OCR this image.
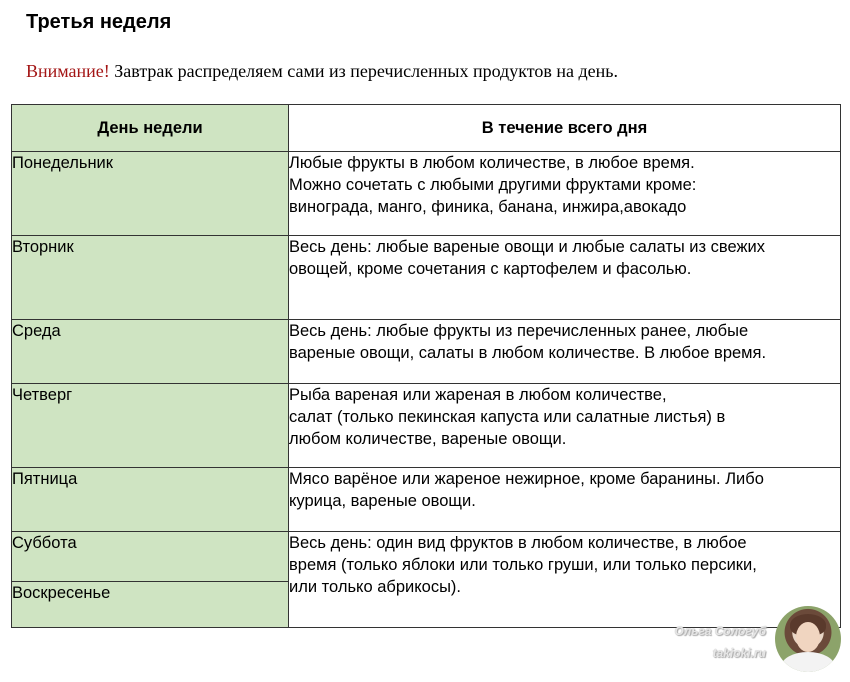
Третья неделя
Внимание! Завтрак распределяем сами из перечисленных продуктов на день.
День недели	В течение всего дня
Понедельник	Любые фрукты в любом количестве, в любое время.
Можно сочетать с любыми другими фруктами кроме:
винограда, манго, финика, банана, инжира,авокадо

Вторник	Весь день: любые вареные овощи и любые салаты из свежих
овощей, кроме сочетания с картофелем и фасолью.

Среда	Весь день: любые фрукты из перечисленных ранее, любые
вареные овощи, салаты в любом количестве. В любое время.

Четверг	Рыба вареная или жареная в любом количестве,
салат (только пекинская капуста или салатные листья) в
любом количестве, вареные овощи.

Пятница	Мясо варёное или жареное нежирное, кроме баранины. Либо
курица, вареные овощи.

Суббота	Весь день: один вид фруктов в любом количестве, в любое
время (только яблоки или только груши, или только персики,
или только абрикосы).

Воскресенье	
Ольга Сологуб
takioki.ru
